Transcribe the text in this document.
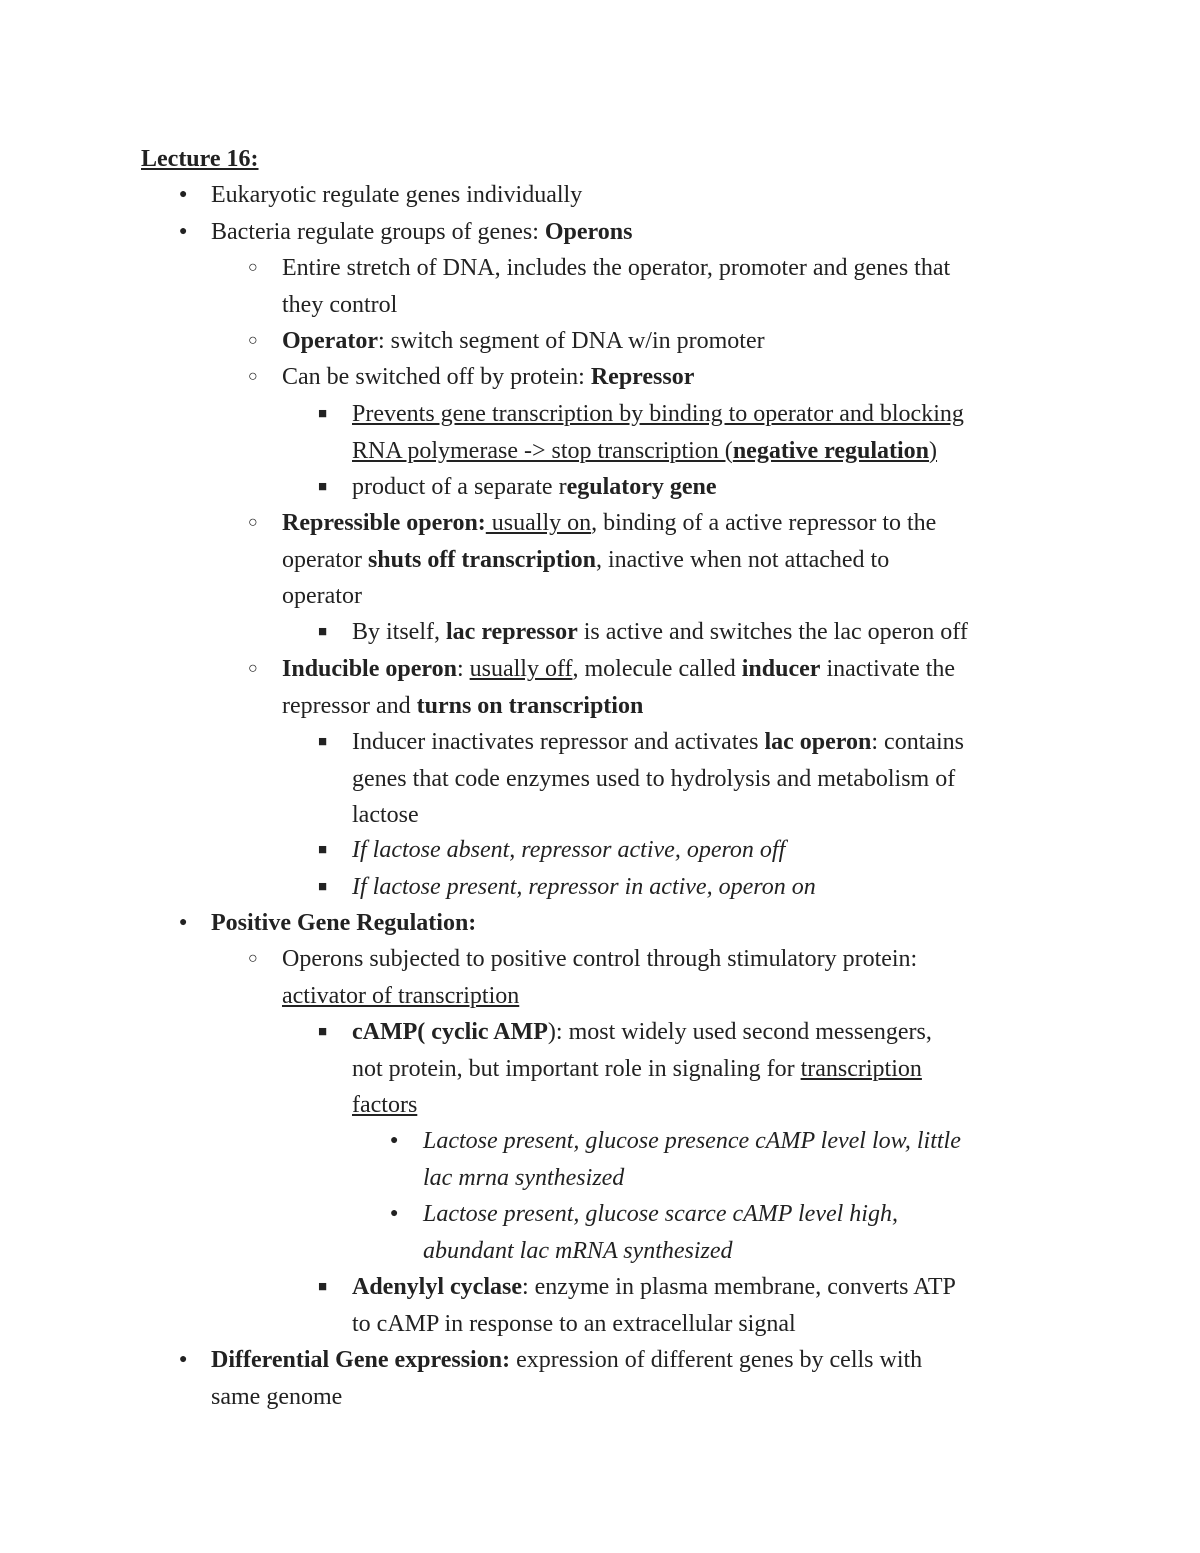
Lecture 16:
● Eukaryotic regulate genes individually
● Bacteria regulate groups of genes: Operons
○ Entire stretch of DNA, includes the operator, promoter and genes that
they control
○ Operator: switch segment of DNA w/in promoter
○ Can be switched off by protein: Repressor
■ Prevents gene transcription by binding to operator and blocking
RNA polymerase -> stop transcription (negative regulation)
■ product of a separate regulatory gene
○ Repressible operon: usually on, binding of a active repressor to the
operator shuts off transcription, inactive when not attached to
operator
■ By itself, lac repressor is active and switches the lac operon off
○ Inducible operon: usually off, molecule called inducer inactivate the
repressor and turns on transcription
■ Inducer inactivates repressor and activates lac operon: contains
genes that code enzymes used to hydrolysis and metabolism of
lactose
■ If lactose absent, repressor active, operon off
■ If lactose present, repressor in active, operon on
● Positive Gene Regulation:
○ Operons subjected to positive control through stimulatory protein:
activator of transcription
■ cAMP( cyclic AMP): most widely used second messengers,
not protein, but important role in signaling for transcription
factors
● Lactose present, glucose presence cAMP level low, little
lac mrna synthesized
● Lactose present, glucose scarce cAMP level high,
abundant lac mRNA synthesized
■ Adenylyl cyclase: enzyme in plasma membrane, converts ATP
to cAMP in response to an extracellular signal
● Differential Gene expression: expression of different genes by cells with
same genome
